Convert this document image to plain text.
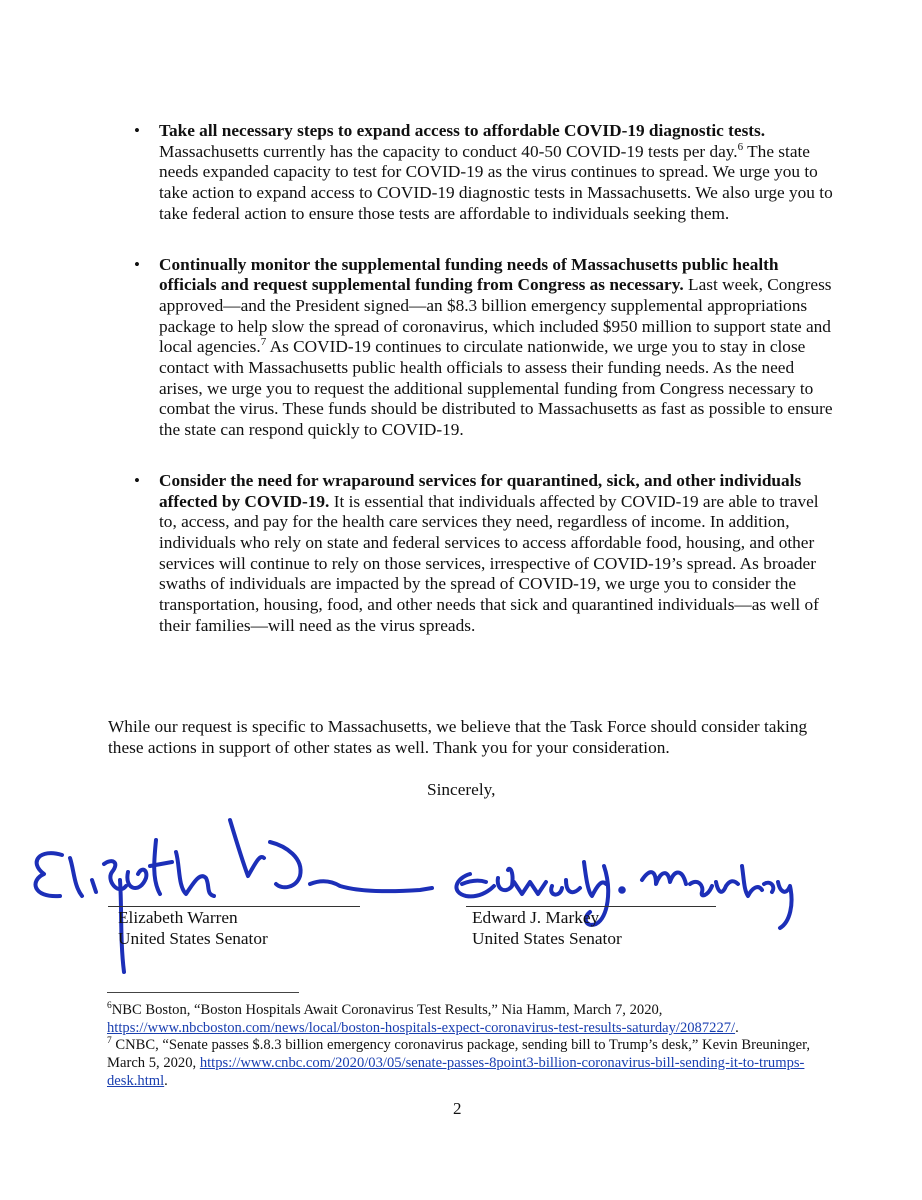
• Take all necessary steps to expand access to affordable COVID-19 diagnostic tests. Massachusetts currently has the capacity to conduct 40-50 COVID-19 tests per day.$^6$ The state needs expanded capacity to test for COVID-19 as the virus continues to spread. We urge you to take action to expand access to COVID-19 diagnostic tests in Massachusetts. We also urge you to take federal action to ensure those tests are affordable to individuals seeking them.
• Continually monitor the supplemental funding needs of Massachusetts public health officials and request supplemental funding from Congress as necessary. Last week, Congress approved—and the President signed—an $8.3 billion emergency supplemental appropriations package to help slow the spread of coronavirus, which included $950 million to support state and local agencies.$^7$ As COVID-19 continues to circulate nationwide, we urge you to stay in close contact with Massachusetts public health officials to assess their funding needs. As the need arises, we urge you to request the additional supplemental funding from Congress necessary to combat the virus. These funds should be distributed to Massachusetts as fast as possible to ensure the state can respond quickly to COVID-19.
• Consider the need for wraparound services for quarantined, sick, and other individuals affected by COVID-19. It is essential that individuals affected by COVID-19 are able to travel to, access, and pay for the health care services they need, regardless of income. In addition, individuals who rely on state and federal services to access affordable food, housing, and other services will continue to rely on those services, irrespective of COVID-19’s spread. As broader swaths of individuals are impacted by the spread of COVID-19, we urge you to consider the transportation, housing, food, and other needs that sick and quarantined individuals—as well of their families—will need as the virus spreads.

While our request is specific to Massachusetts, we believe that the Task Force should consider taking these actions in support of other states as well. Thank you for your consideration.

Sincerely,
Elizabeth Warren
United States Senator
Edward J. Markey
United States Senator
$^6$NBC Boston, “Boston Hospitals Await Coronavirus Test Results,” Nia Hamm, March 7, 2020, https://www.nbcboston.com/news/local/boston-hospitals-expect-coronavirus-test-results-saturday/2087227/.
$^7$ CNBC, “Senate passes $.8.3 billion emergency coronavirus package, sending bill to Trump’s desk,” Kevin Breuninger, March 5, 2020, https://www.cnbc.com/2020/03/05/senate-passes-8point3-billion-coronavirus-bill-sending-it-to-trumps-desk.html.
2
